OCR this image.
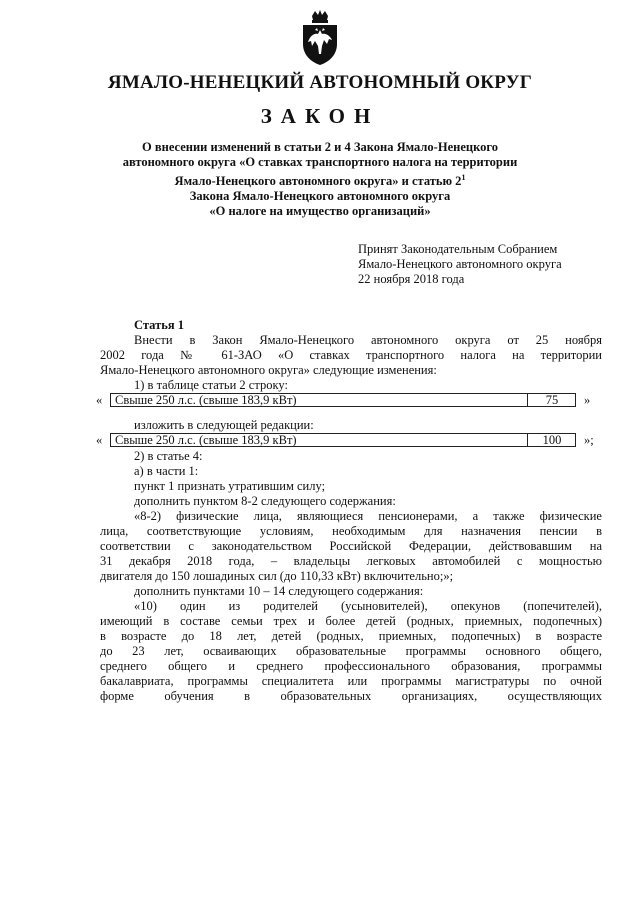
ЯМАЛО-НЕНЕЦКИЙ АВТОНОМНЫЙ ОКРУГ
ЗАКОН
О внесении изменений в статьи 2 и 4 Закона Ямало-Ненецкого
автономного округа «О ставках транспортного налога на территории
Ямало-Ненецкого автономного округа» и статью $2^1$
Закона Ямало-Ненецкого автономного округа
«О налоге на имущество организаций»
Принят Законодательным Собранием
Ямало-Ненецкого автономного округа
22 ноября 2018 года
Статья 1
Внести в Закон Ямало-Ненецкого автономного округа от 25 ноября
2002 года № 61-ЗАО «О ставках транспортного налога на территории
Ямало-Ненецкого автономного округа» следующие изменения:
1) в таблице статьи 2 строку:
« Свыше 250 л.с. (свыше 183,9 кВт)	75	»
изложить в следующей редакции:
« Свыше 250 л.с. (свыше 183,9 кВт)	100	»;
2) в статье 4:
а) в части 1:
пункт 1 признать утратившим силу;
дополнить пунктом 8-2 следующего содержания:
«8-2) физические лица, являющиеся пенсионерами, а также физические
лица, соответствующие условиям, необходимым для назначения пенсии в
соответствии с законодательством Российской Федерации, действовавшим на
31 декабря 2018 года, – владельцы легковых автомобилей с мощностью
двигателя до 150 лошадиных сил (до 110,33 кВт) включительно;»;
дополнить пунктами 10 – 14 следующего содержания:
«10) один из родителей (усыновителей), опекунов (попечителей),
имеющий в составе семьи трех и более детей (родных, приемных, подопечных)
в возрасте до 18 лет, детей (родных, приемных, подопечных) в возрасте
до 23 лет, осваивающих образовательные программы основного общего,
среднего общего и среднего профессионального образования, программы
бакалавриата, программы специалитета или программы магистратуры по очной
форме обучения в образовательных организациях, осуществляющих
